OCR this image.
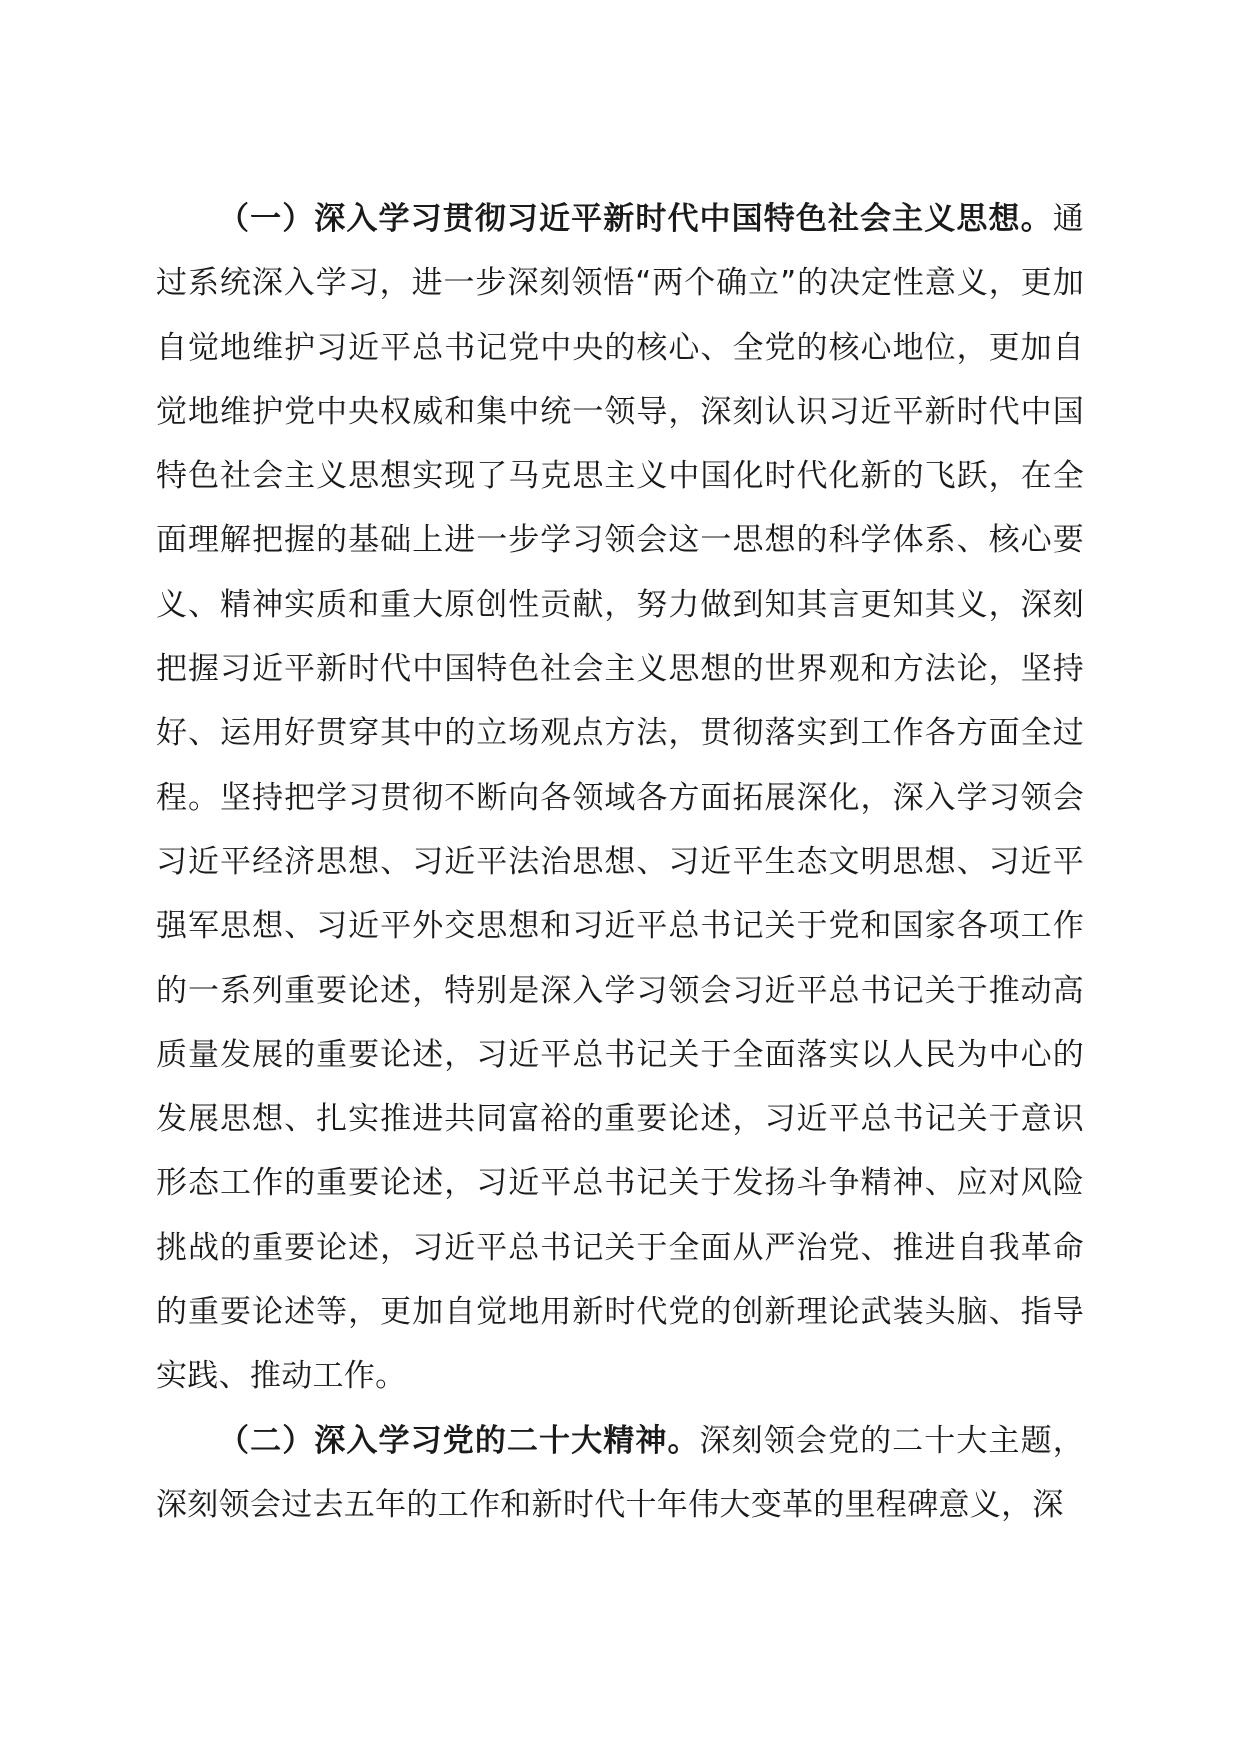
（一）深入学习贯彻习近平新时代中国特色社会主义思想。通过系统深入学习，进一步深刻领悟“两个确立”的决定性意义，更加自觉地维护习近平总书记党中央的核心、全党的核心地位，更加自觉地维护党中央权威和集中统一领导，深刻认识习近平新时代中国特色社会主义思想实现了马克思主义中国化时代化新的飞跃，在全面理解把握的基础上进一步学习领会这一思想的科学体系、核心要义、精神实质和重大原创性贡献，努力做到知其言更知其义，深刻把握习近平新时代中国特色社会主义思想的世界观和方法论，坚持好、运用好贯穿其中的立场观点方法，贯彻落实到工作各方面全过程。坚持把学习贯彻不断向各领域各方面拓展深化，深入学习领会习近平经济思想、习近平法治思想、习近平生态文明思想、习近平强军思想、习近平外交思想和习近平总书记关于党和国家各项工作的一系列重要论述，特别是深入学习领会习近平总书记关于推动高质量发展的重要论述，习近平总书记关于全面落实以人民为中心的发展思想、扎实推进共同富裕的重要论述，习近平总书记关于意识形态工作的重要论述，习近平总书记关于发扬斗争精神、应对风险挑战的重要论述，习近平总书记关于全面从严治党、推进自我革命的重要论述等，更加自觉地用新时代党的创新理论武装头脑、指导实践、推动工作。

（二）深入学习党的二十大精神。深刻领会党的二十大主题，深刻领会过去五年的工作和新时代十年伟大变革的里程碑意义，深
